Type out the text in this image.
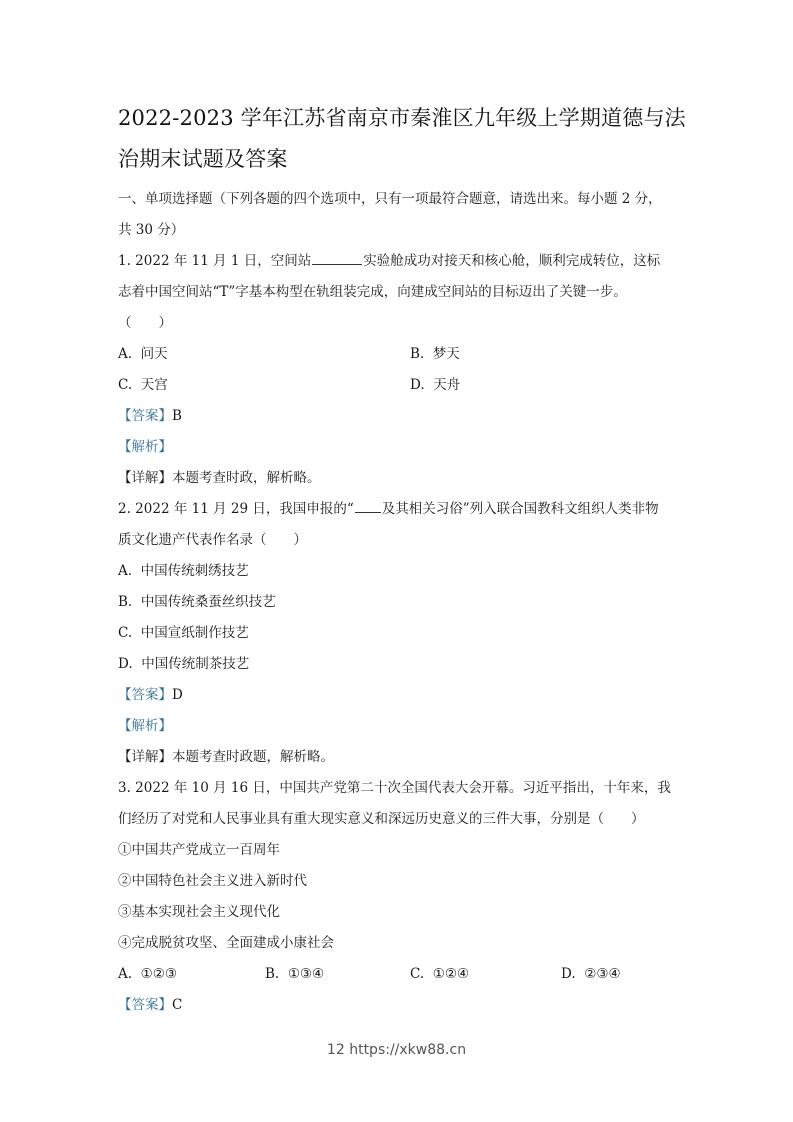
2022-2023 学年江苏省南京市秦淮区九年级上学期道德与法
治期末试题及答案
一、单项选择题（下列各题的四个选项中，只有一项最符合题意，请选出来。每小题 2 分，
共 30 分）
1. 2022 年 11 月 1 日，空间站	实验舱成功对接天和核心舱，顺利完成转位，这标
志着中国空间站“T”字基本构型在轨组装完成，向建成空间站的目标迈出了关键一步。
（　　）
A. 问天	B. 梦天
C. 天宫	D. 天舟
【答案】B
【解析】
【详解】本题考查时政，解析略。
2. 2022 年 11 月 29 日，我国申报的“ 及其相关习俗”列入联合国教科文组织人类非物
质文化遗产代表作名录（　　）
A. 中国传统刺绣技艺
B. 中国传统桑蚕丝织技艺
C. 中国宣纸制作技艺
D. 中国传统制茶技艺
【答案】D
【解析】
【详解】本题考查时政题，解析略。
3. 2022 年 10 月 16 日，中国共产党第二十次全国代表大会开幕。习近平指出，十年来，我
们经历了对党和人民事业具有重大现实意义和深远历史意义的三件大事，分别是（　　）
①中国共产党成立一百周年
②中国特色社会主义进入新时代
③基本实现社会主义现代化
④完成脱贫攻坚、全面建成小康社会
A. ①②③	B. ①③④	C. ①②④	D. ②③④
【答案】C
12 https://xkw88.cn
